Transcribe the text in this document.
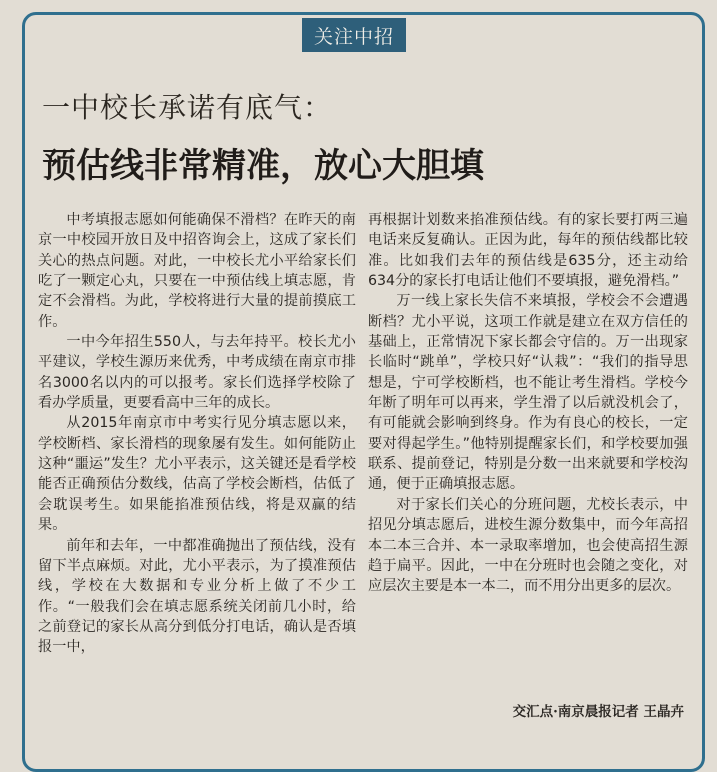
关注中招
一中校长承诺有底气：
预估线非常精准，放心大胆填

中考填报志愿如何能确保不滑档？在昨天的南京一中校园开放日及中招咨询会上，这成了家长们关心的热点问题。对此，一中校长尤小平给家长们吃了一颗定心丸，只要在一中预估线上填志愿，肯定不会滑档。为此，学校将进行大量的提前摸底工作。

一中今年招生550人，与去年持平。校长尤小平建议，学校生源历来优秀，中考成绩在南京市排名3000名以内的可以报考。家长们选择学校除了看办学质量，更要看高中三年的成长。

从2015年南京市中考实行见分填志愿以来，学校断档、家长滑档的现象屡有发生。如何能防止这种“噩运”发生？尤小平表示，这关键还是看学校能否正确预估分数线，估高了学校会断档，估低了会耽误考生。如果能掐准预估线，将是双赢的结果。

前年和去年，一中都准确抛出了预估线，没有留下半点麻烦。对此，尤小平表示，为了摸准预估线，学校在大数据和专业分析上做了不少工作。“一般我们会在填志愿系统关闭前几小时，给之前登记的家长从高分到低分打电话，确认是否填报一中，

再根据计划数来掐准预估线。有的家长要打两三遍电话来反复确认。正因为此，每年的预估线都比较准。比如我们去年的预估线是635分，还主动给634分的家长打电话让他们不要填报，避免滑档。”

万一线上家长失信不来填报，学校会不会遭遇断档？尤小平说，这项工作就是建立在双方信任的基础上，正常情况下家长都会守信的。万一出现家长临时“跳单”，学校只好“认栽”：“我们的指导思想是，宁可学校断档，也不能让考生滑档。学校今年断了明年可以再来，学生滑了以后就没机会了，有可能就会影响到终身。作为有良心的校长，一定要对得起学生。”他特别提醒家长们，和学校要加强联系、提前登记，特别是分数一出来就要和学校沟通，便于正确填报志愿。

对于家长们关心的分班问题，尤校长表示，中招见分填志愿后，进校生源分数集中，而今年高招本二本三合并、本一录取率增加，也会使高招生源趋于扁平。因此，一中在分班时也会随之变化，对应层次主要是本一本二，而不用分出更多的层次。

交汇点·南京晨报记者 王晶卉
